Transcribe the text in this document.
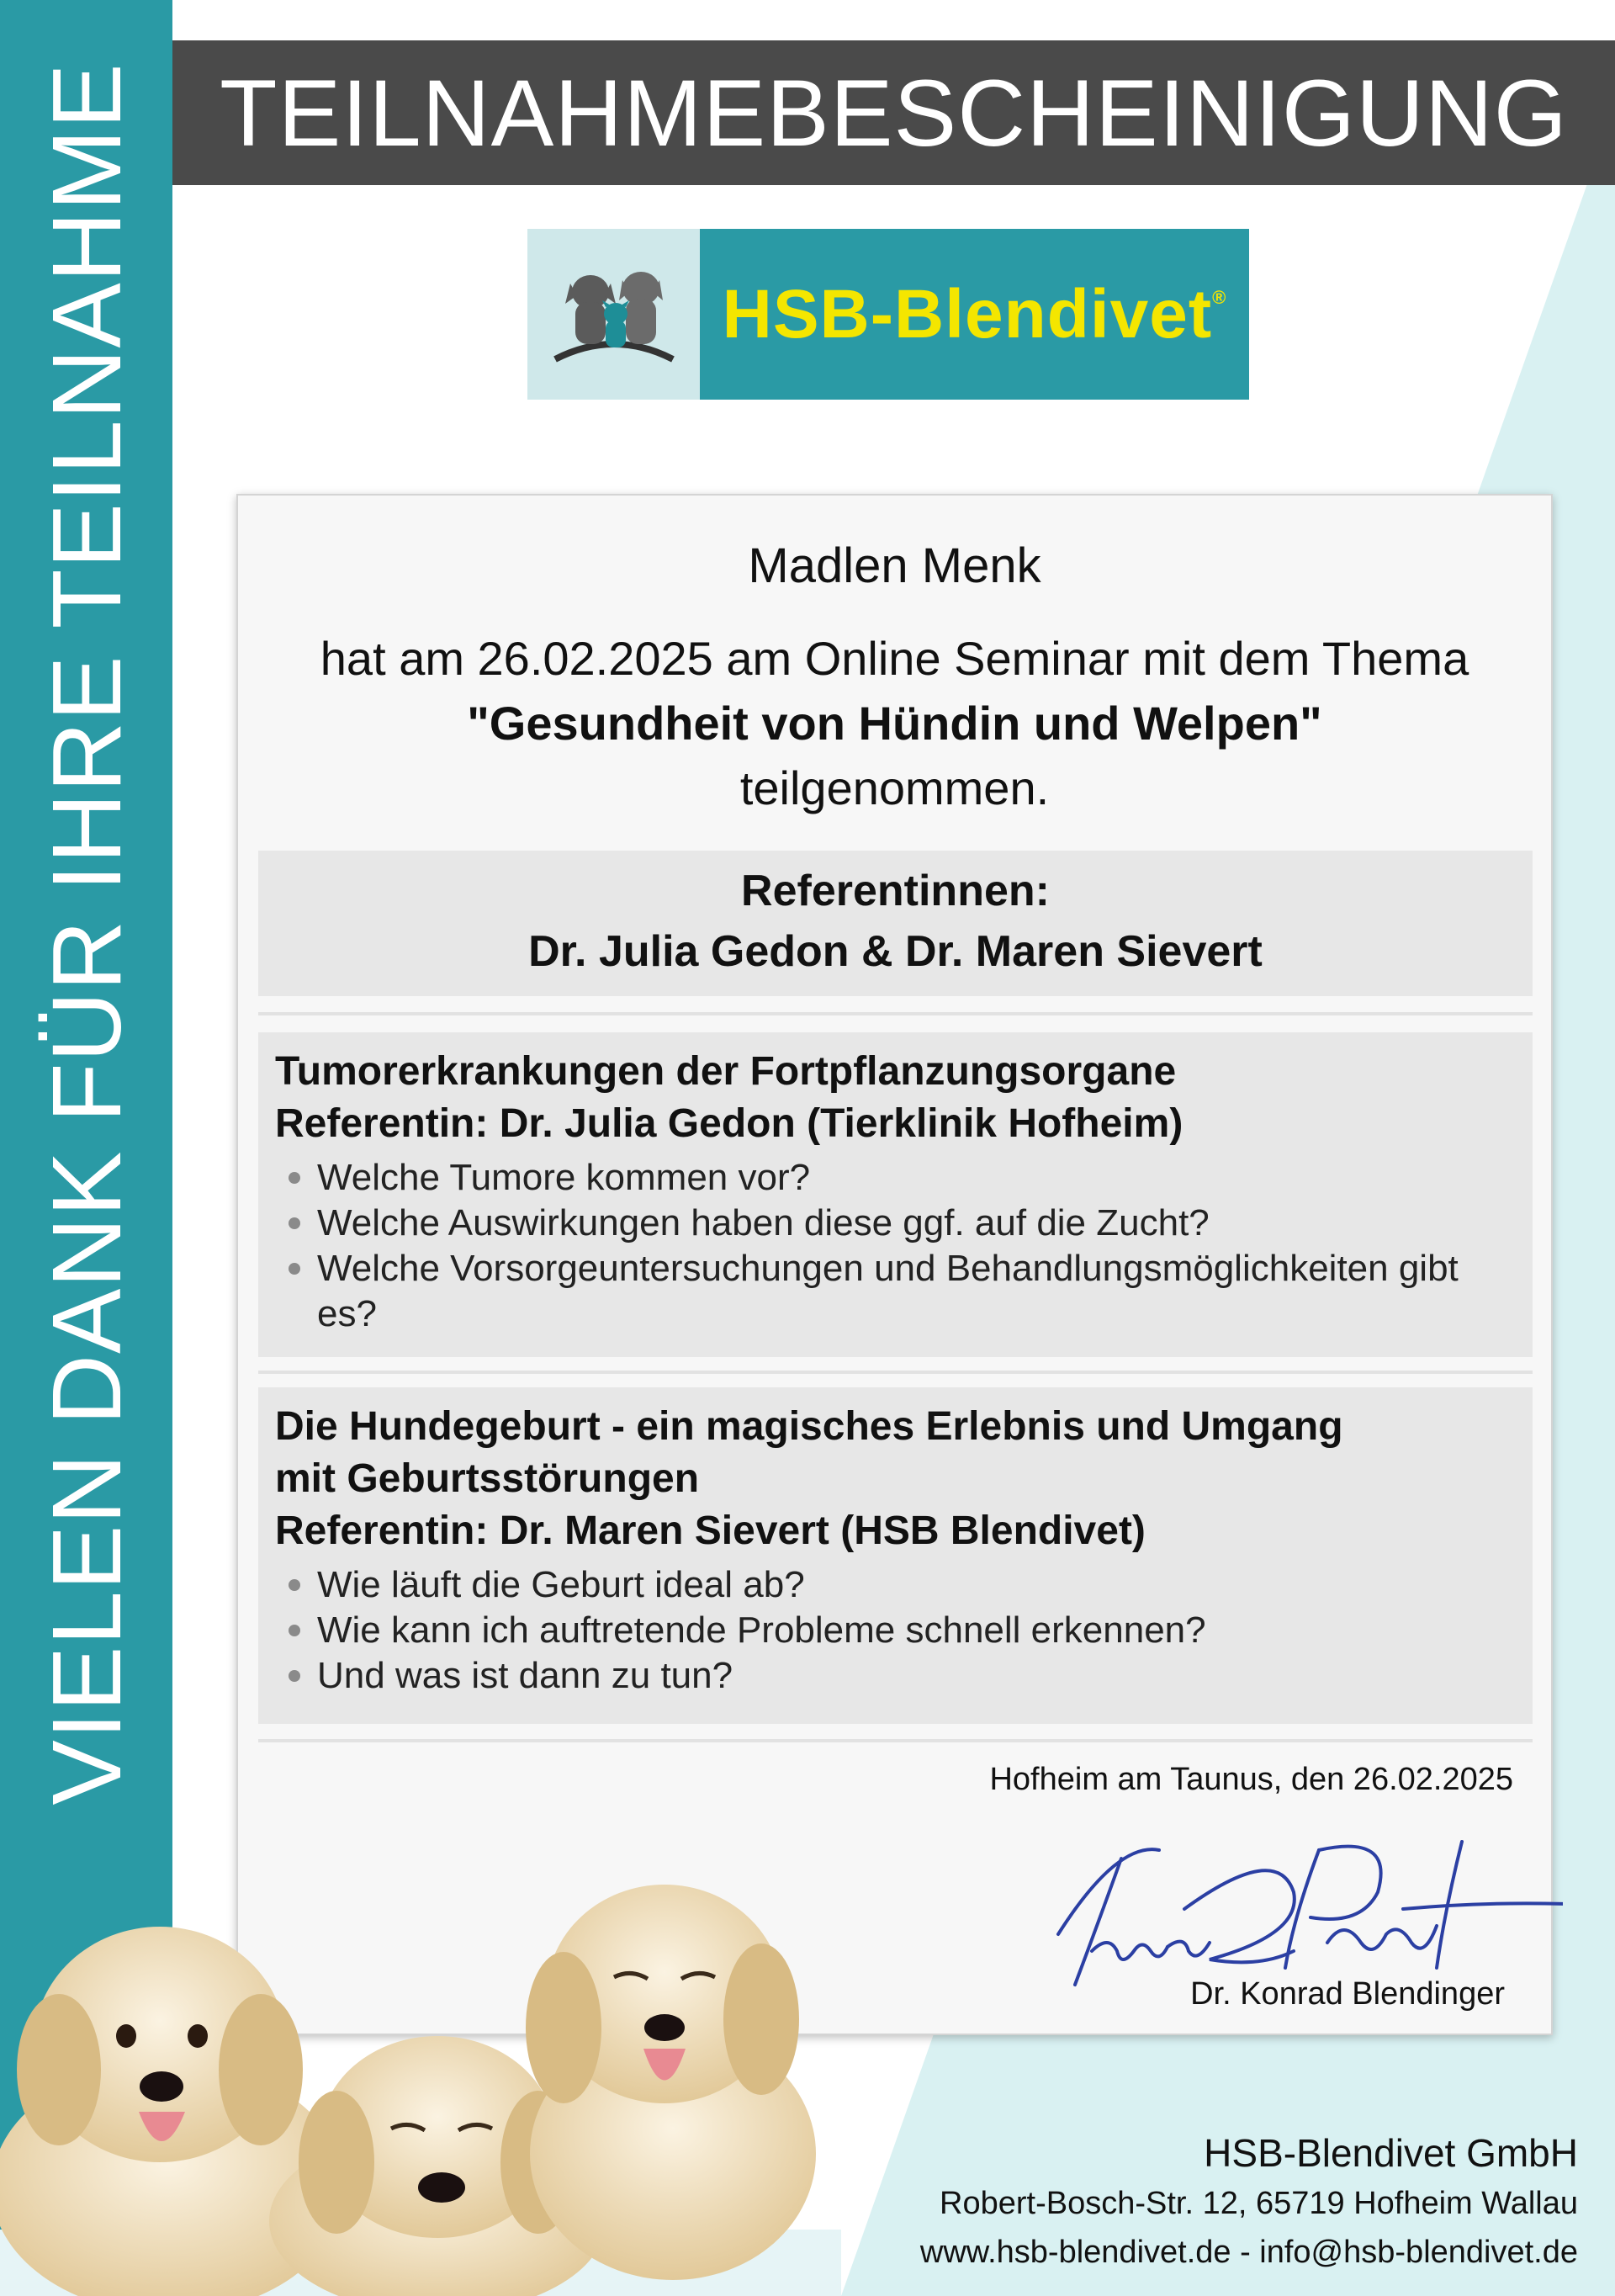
VIELEN DANK FÜR IHRE TEILNAHME TEILNAHMEBESCHEINIGUNG
HSB-Blendivet®
Madlen Menk
hat am 26.02.2025 am Online Seminar mit dem Thema
"Gesundheit von Hündin und Welpen"
teilgenommen.
Referentinnen:
Dr. Julia Gedon & Dr. Maren Sievert
Tumorerkrankungen der Fortpflanzungsorgane
Referentin: Dr. Julia Gedon (Tierklinik Hofheim)
Welche Tumore kommen vor?
Welche Auswirkungen haben diese ggf. auf die Zucht?
Welche Vorsorgeuntersuchungen und Behandlungsmöglichkeiten gibt es?
Die Hundegeburt - ein magisches Erlebnis und Umgang
mit Geburtsstörungen
Referentin: Dr. Maren Sievert (HSB Blendivet)
Wie läuft die Geburt ideal ab?
Wie kann ich auftretende Probleme schnell erkennen?
Und was ist dann zu tun?
Hofheim am Taunus, den 26.02.2025
Dr. Konrad Blendinger
HSB-Blendivet GmbH
Robert-Bosch-Str. 12, 65719 Hofheim Wallau
www.hsb-blendivet.de - info@hsb-blendivet.de
